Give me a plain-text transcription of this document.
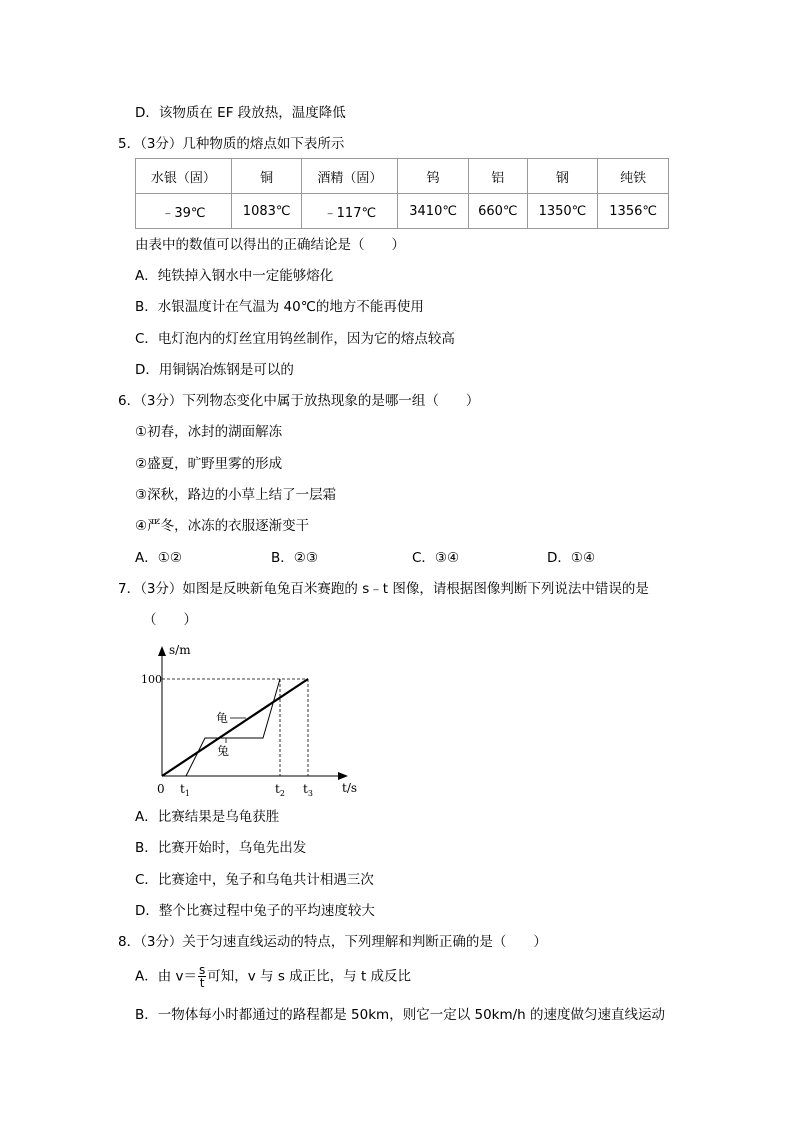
D．该物质在 EF 段放热，温度降低
5．（3分）几种物质的熔点如下表所示
水银（固）	铜	酒精（固）	钨	铝	钢	纯铁
﹣39℃	1083℃	﹣117℃	3410℃	660℃	1350℃	1356℃
由表中的数值可以得出的正确结论是（　　）
A．纯铁掉入钢水中一定能够熔化
B．水银温度计在气温为 40℃的地方不能再使用
C．电灯泡内的灯丝宜用钨丝制作，因为它的熔点较高
D．用铜锅冶炼钢是可以的
6．（3分）下列物态变化中属于放热现象的是哪一组（　　）
①初春，冰封的湖面解冻
②盛夏，旷野里雾的形成
③深秋，路边的小草上结了一层霜
④严冬，冰冻的衣服逐渐变干
A．①②	B．②③	C．③④	D．①④
7．（3分）如图是反映新龟兔百米赛跑的 s﹣t 图像，请根据图像判断下列说法中错误的是
（　　）
s/m
t/s
100
0 $t_1$	$t_2$ $t_3$
龟
兔
A．比赛结果是乌龟获胜
B．比赛开始时，乌龟先出发
C．比赛途中，兔子和乌龟共计相遇三次
D．整个比赛过程中兔子的平均速度较大
8．（3分）关于匀速直线运动的特点，下列理解和判断正确的是（　　）
A．由 $v= \frac{s}{t}$ 可知，v 与 s 成正比，与 t 成反比
B．一物体每小时都通过的路程都是 50km，则它一定以 50km/h 的速度做匀速直线运动
